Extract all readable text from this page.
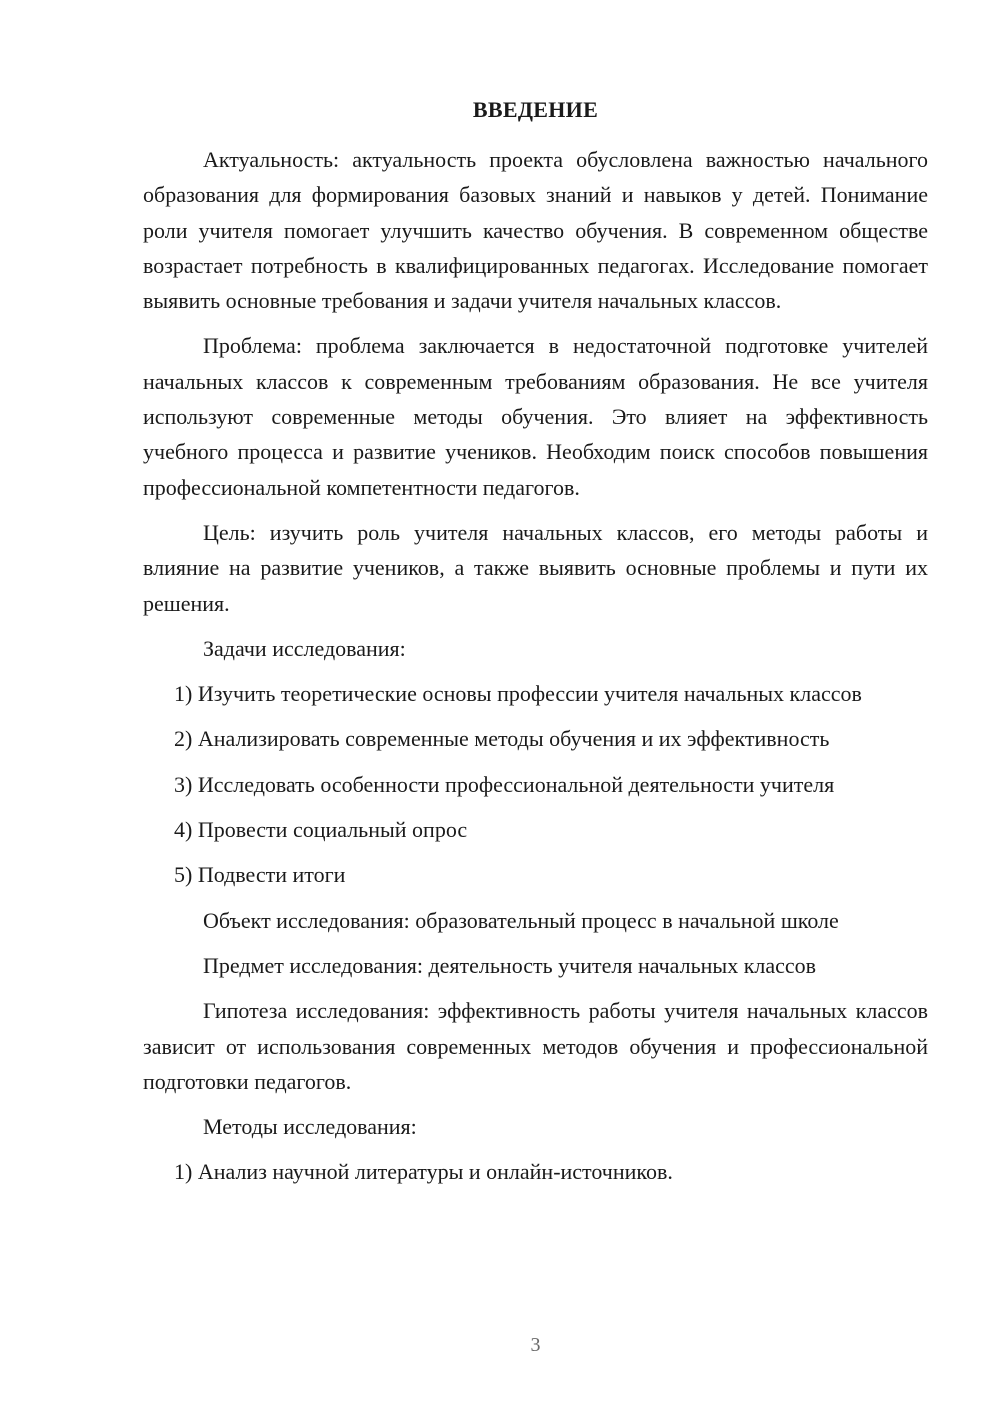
ВВЕДЕНИЕ

Актуальность: актуальность проекта обусловлена важностью начального образования для формирования базовых знаний и навыков у детей. Понимание роли учителя помогает улучшить качество обучения. В современном обществе возрастает потребность в квалифицированных педагогах. Исследование помогает выявить основные требования и задачи учителя начальных классов.

Проблема: проблема заключается в недостаточной подготовке учителей начальных классов к современным требованиям образования. Не все учителя используют современные методы обучения. Это влияет на эффективность учебного процесса и развитие учеников. Необходим поиск способов повышения профессиональной компетентности педагогов.

Цель: изучить роль учителя начальных классов, его методы работы и влияние на развитие учеников, а также выявить основные проблемы и пути их решения.

Задачи исследования:

1) Изучить теоретические основы профессии учителя начальных классов

2) Анализировать современные методы обучения и их эффективность

3) Исследовать особенности профессиональной деятельности учителя

4) Провести социальный опрос

5) Подвести итоги

Объект исследования: образовательный процесс в начальной школе

Предмет исследования: деятельность учителя начальных классов

Гипотеза исследования: эффективность работы учителя начальных классов зависит от использования современных методов обучения и профессиональной подготовки педагогов.

Методы исследования:

1) Анализ научной литературы и онлайн-источников.

3
